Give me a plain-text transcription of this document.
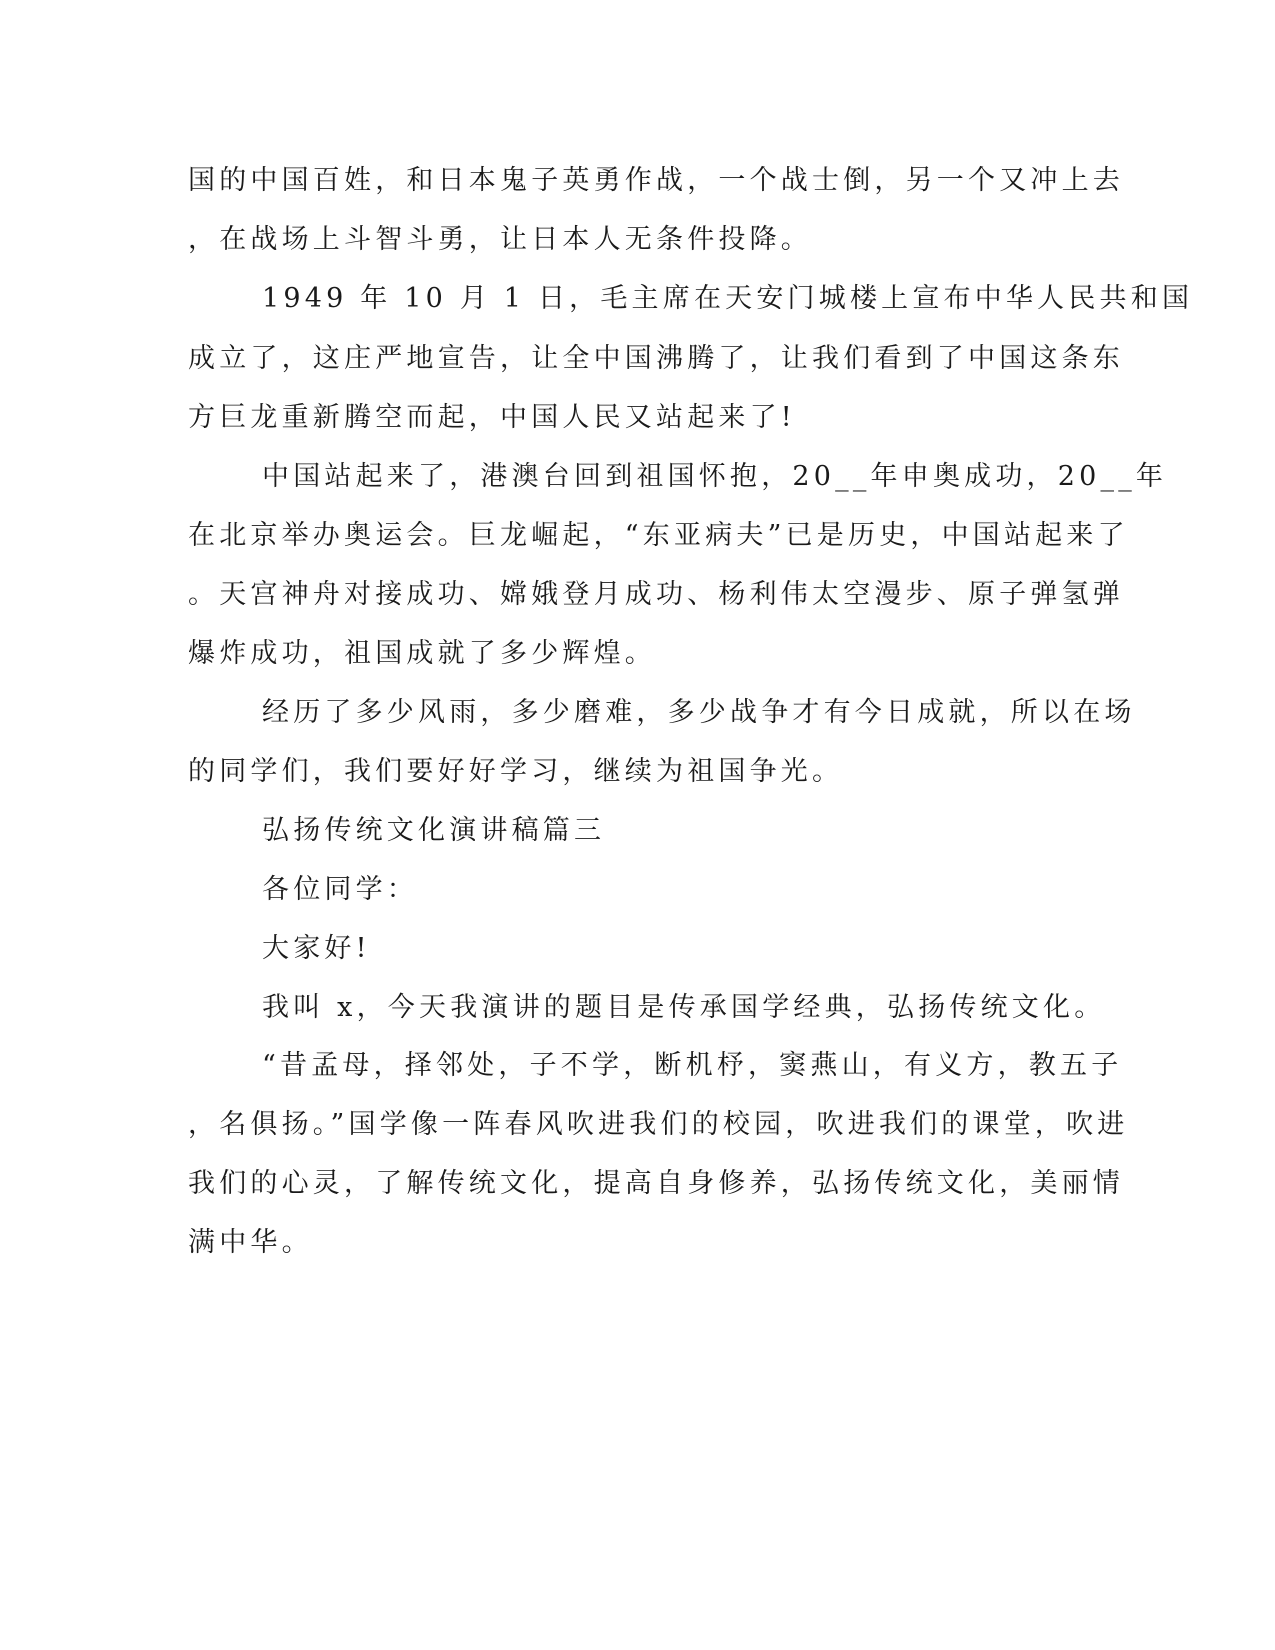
国的中国百姓，和日本鬼子英勇作战，一个战士倒，另一个又冲上去

，在战场上斗智斗勇，让日本人无条件投降。

1949 年 10 月 1 日，毛主席在天安门城楼上宣布中华人民共和国

成立了，这庄严地宣告，让全中国沸腾了，让我们看到了中国这条东

方巨龙重新腾空而起，中国人民又站起来了!

中国站起来了，港澳台回到祖国怀抱，20__年申奥成功，20__年

在北京举办奥运会。巨龙崛起，“东亚病夫”已是历史，中国站起来了

。天宫神舟对接成功、嫦娥登月成功、杨利伟太空漫步、原子弹氢弹

爆炸成功，祖国成就了多少辉煌。

经历了多少风雨，多少磨难，多少战争才有今日成就，所以在场

的同学们，我们要好好学习，继续为祖国争光。

弘扬传统文化演讲稿篇三

各位同学：

大家好!

我叫 x，今天我演讲的题目是传承国学经典，弘扬传统文化。

“昔孟母，择邻处，子不学，断机杼，窦燕山，有义方，教五子

，名俱扬。”国学像一阵春风吹进我们的校园，吹进我们的课堂，吹进

我们的心灵，了解传统文化，提高自身修养，弘扬传统文化，美丽情

满中华。
